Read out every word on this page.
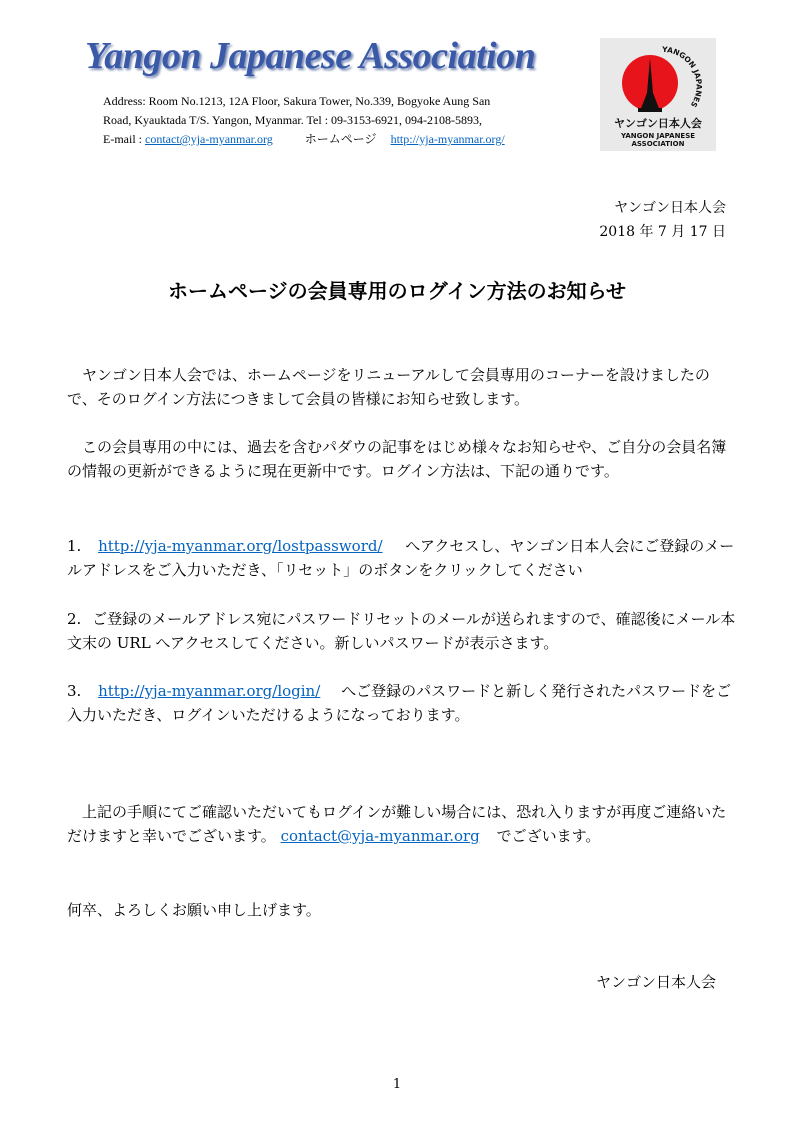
Yangon Japanese Association
Address: Room No.1213, 12A Floor, Sakura Tower, No.339, Bogyoke Aung San
Road, Kyauktada T/S. Yangon, Myanmar. Tel : 09-3153-6921, 094-2108-5893,
E-mail : contact@yja-myanmar.org	ホームページ http://yja-myanmar.org/
YANGON JAPANES
ヤンゴン日本人会
YANGON JAPANESE
ASSOCIATION
ヤンゴン日本人会
2018 年 7 月 17 日
ホームページの会員専用のログイン方法のお知らせ
ヤンゴン日本人会では、ホームページをリニューアルして会員専用のコーナーを設けましたので、そのログイン方法につきまして会員の皆様にお知らせ致します。
この会員専用の中には、過去を含むパダウの記事をはじめ様々なお知らせや、ご自分の会員名簿の情報の更新ができるように現在更新中です。ログイン方法は、下記の通りです。
1. http://yja-myanmar.org/lostpassword/ へアクセスし、ヤンゴン日本人会にご登録のメールアドレスをご入力いただき、「リセット」のボタンをクリックしてください
2. ご登録のメールアドレス宛にパスワードリセットのメールが送られますので、確認後にメール本文末の URL へアクセスしてください。新しいパスワードが表示さます。
3. http://yja-myanmar.org/login/ へご登録のパスワードと新しく発行されたパスワードをご入力いただき、ログインいただけるようになっております。
上記の手順にてご確認いただいてもログインが難しい場合には、恐れ入りますが再度ご連絡いただけますと幸いでございます。 contact@yja-myanmar.org でございます。
何卒、よろしくお願い申し上げます。
ヤンゴン日本人会
1
